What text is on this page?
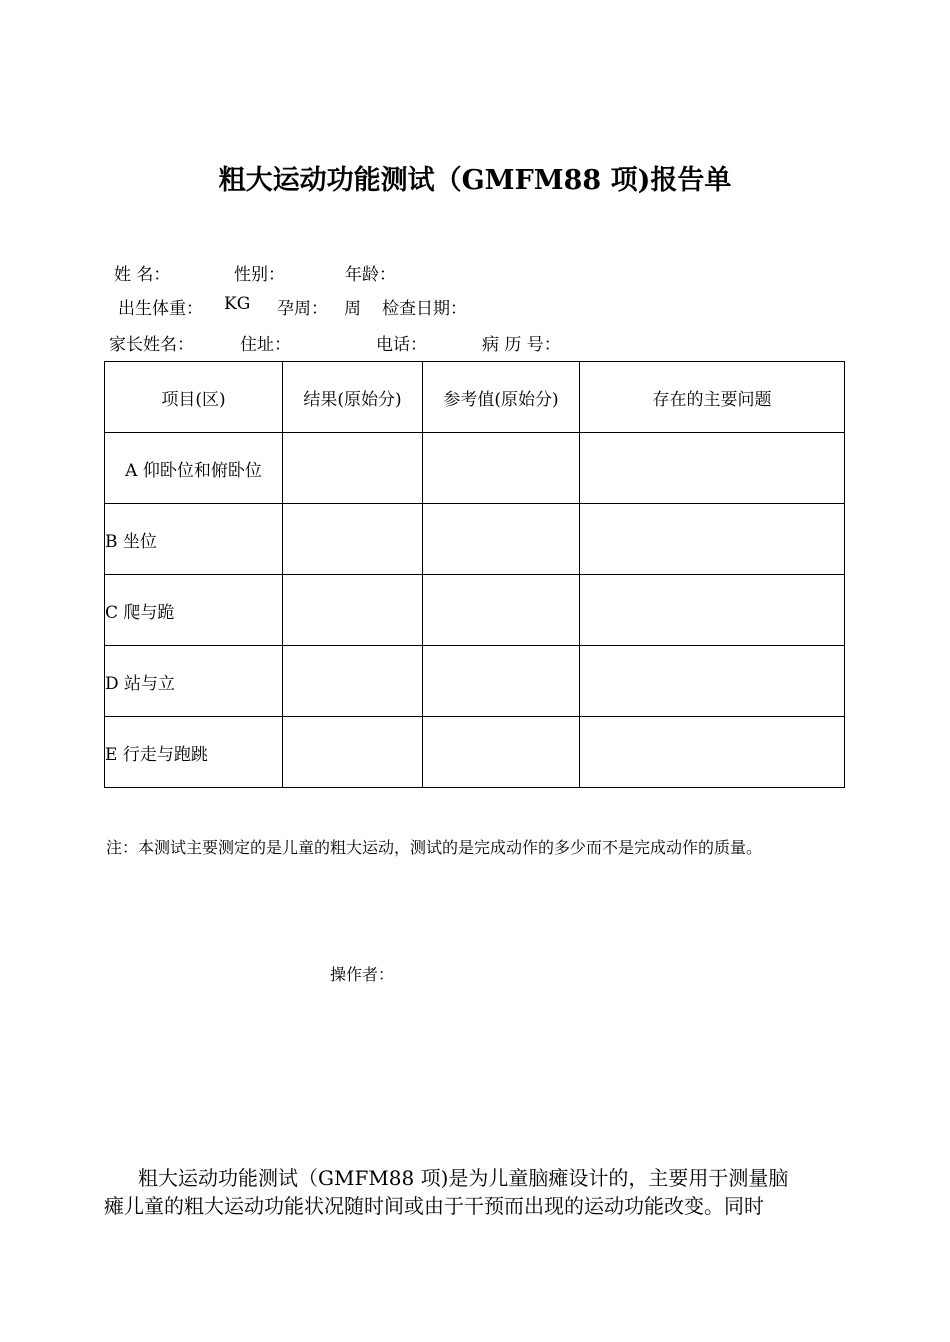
粗大运动功能测试（GMFM88 项)报告单
姓 名：	性别：	年龄：
出生体重： KG 孕周： 周 检查日期：
家长姓名：	住址：	电话：	病 历 号：
项目(区)	结果(原始分)	参考值(原始分)	存在的主要问题
A 仰卧位和俯卧位			
B 坐位			
C 爬与跪			
D 站与立			
E 行走与跑跳			
注：本测试主要测定的是儿童的粗大运动，测试的是完成动作的多少而不是完成动作的质量。
操作者：
粗大运动功能测试（GMFM88 项)是为儿童脑瘫设计的，主要用于测量脑
瘫儿童的粗大运动功能状况随时间或由于干预而出现的运动功能改变。同时
